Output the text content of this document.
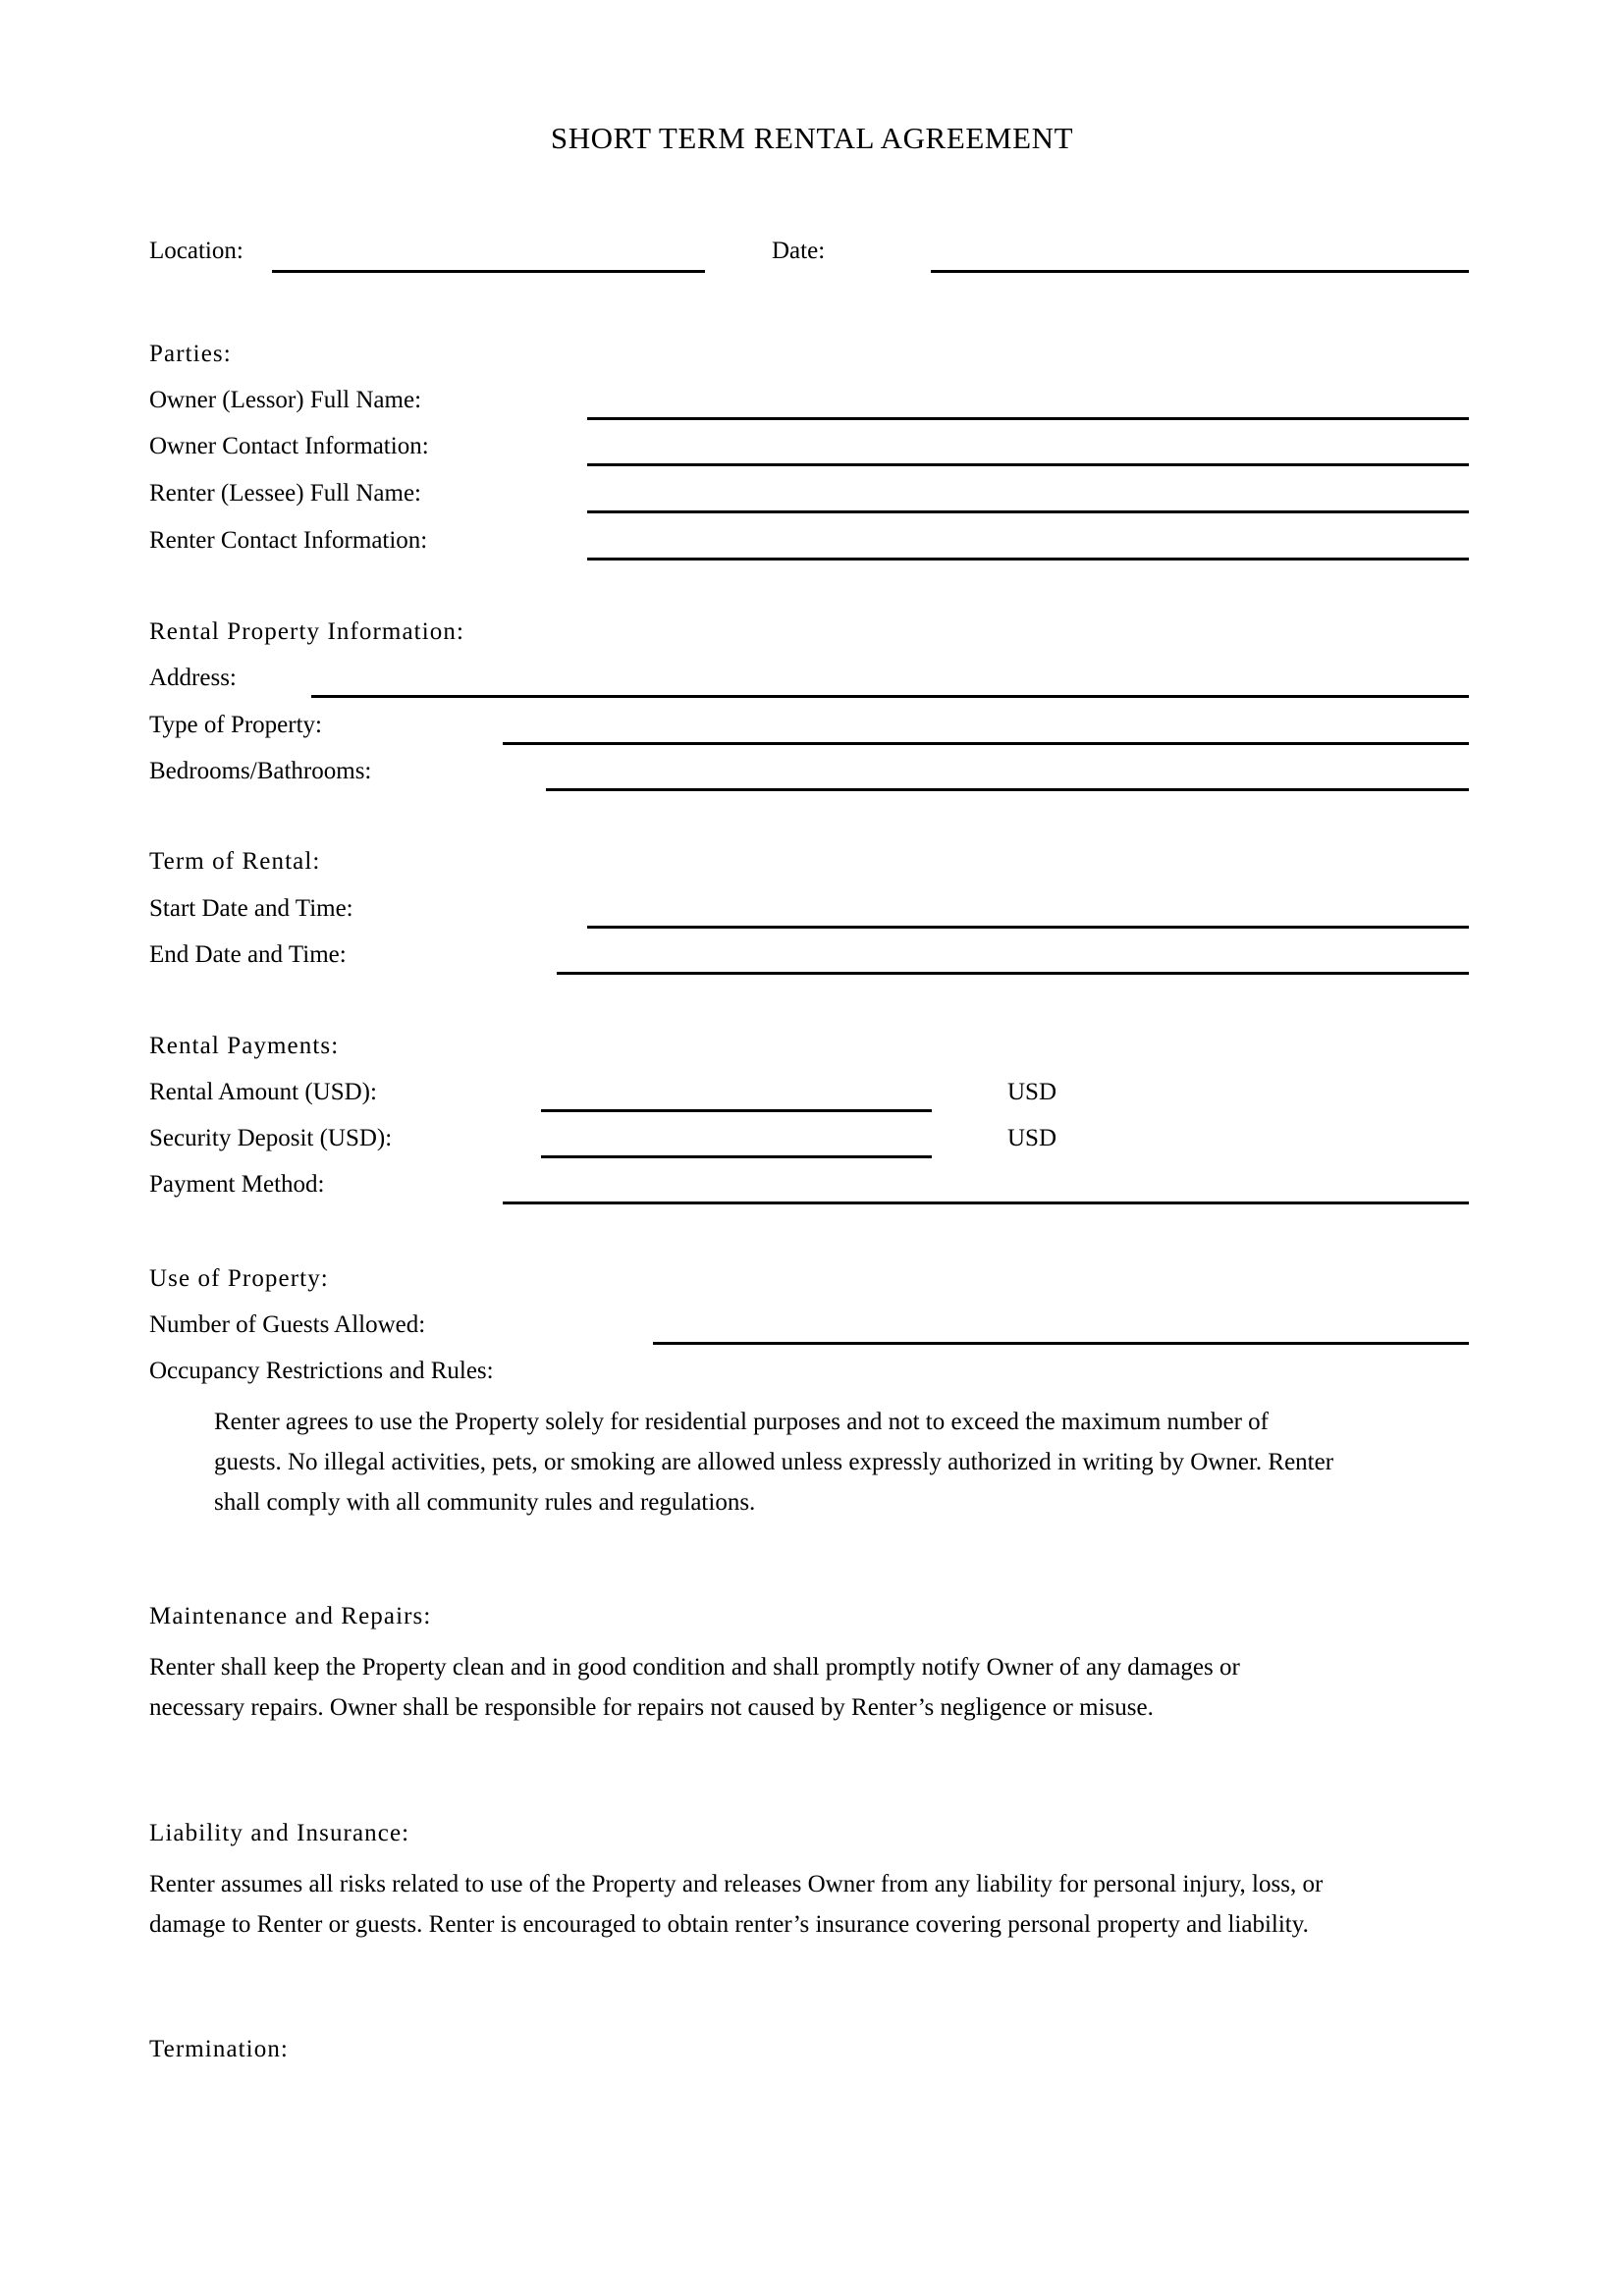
SHORT TERM RENTAL AGREEMENT
Location:	Date:
Parties:
Owner (Lessor) Full Name:
Owner Contact Information:
Renter (Lessee) Full Name:
Renter Contact Information:
Rental Property Information:
Address:
Type of Property:
Bedrooms/Bathrooms:
Term of Rental:
Start Date and Time:
End Date and Time:
Rental Payments:
Rental Amount (USD):	USD
Security Deposit (USD):	USD
Payment Method:
Use of Property:
Number of Guests Allowed:
Occupancy Restrictions and Rules:
Renter agrees to use the Property solely for residential purposes and not to exceed the maximum number of
guests. No illegal activities, pets, or smoking are allowed unless expressly authorized in writing by Owner. Renter
shall comply with all community rules and regulations.
Maintenance and Repairs:
Renter shall keep the Property clean and in good condition and shall promptly notify Owner of any damages or
necessary repairs. Owner shall be responsible for repairs not caused by Renter’s negligence or misuse.
Liability and Insurance:
Renter assumes all risks related to use of the Property and releases Owner from any liability for personal injury, loss, or
damage to Renter or guests. Renter is encouraged to obtain renter’s insurance covering personal property and liability.
Termination:
